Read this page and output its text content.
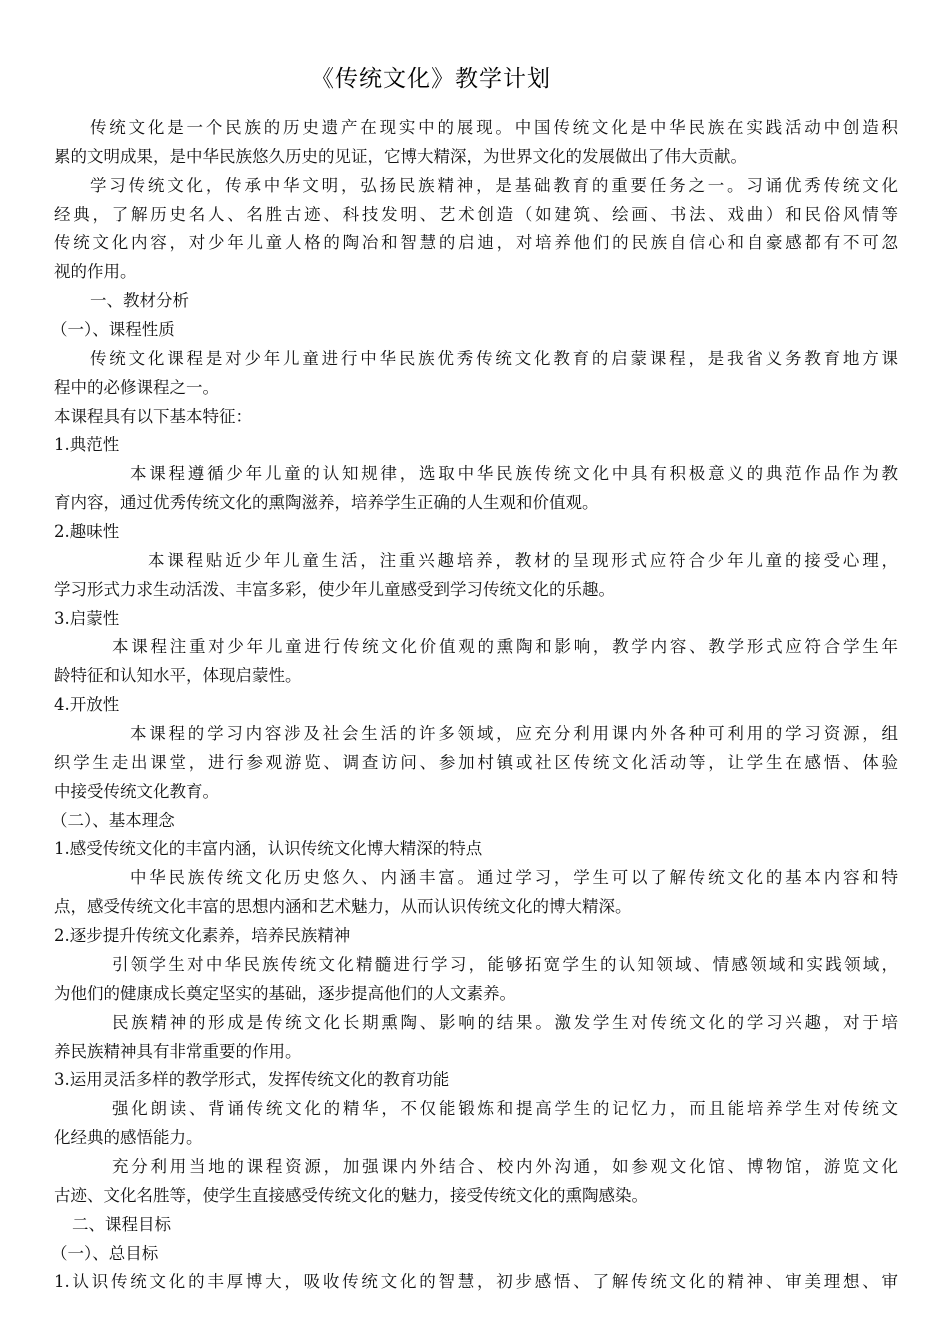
《传统文化》教学计划
传统文化是一个民族的历史遗产在现实中的展现。中国传统文化是中华民族在实践活动中创造积
累的文明成果，是中华民族悠久历史的见证，它博大精深，为世界文化的发展做出了伟大贡献。
学习传统文化，传承中华文明，弘扬民族精神，是基础教育的重要任务之一。习诵优秀传统文化
经典，了解历史名人、名胜古迹、科技发明、艺术创造（如建筑、绘画、书法、戏曲）和民俗风情等
传统文化内容，对少年儿童人格的陶冶和智慧的启迪，对培养他们的民族自信心和自豪感都有不可忽
视的作用。
一、教材分析
（一）、课程性质
传统文化课程是对少年儿童进行中华民族优秀传统文化教育的启蒙课程，是我省义务教育地方课
程中的必修课程之一。
本课程具有以下基本特征：
1.典范性
本课程遵循少年儿童的认知规律，选取中华民族传统文化中具有积极意义的典范作品作为教
育内容，通过优秀传统文化的熏陶滋养，培养学生正确的人生观和价值观。
2.趣味性
本课程贴近少年儿童生活，注重兴趣培养，教材的呈现形式应符合少年儿童的接受心理，
学习形式力求生动活泼、丰富多彩，使少年儿童感受到学习传统文化的乐趣。
3.启蒙性
本课程注重对少年儿童进行传统文化价值观的熏陶和影响，教学内容、教学形式应符合学生年
龄特征和认知水平，体现启蒙性。
4.开放性
本课程的学习内容涉及社会生活的许多领域，应充分利用课内外各种可利用的学习资源，组
织学生走出课堂，进行参观游览、调查访问、参加村镇或社区传统文化活动等，让学生在感悟、体验
中接受传统文化教育。
（二）、基本理念
1.感受传统文化的丰富内涵，认识传统文化博大精深的特点
中华民族传统文化历史悠久、内涵丰富。通过学习，学生可以了解传统文化的基本内容和特
点，感受传统文化丰富的思想内涵和艺术魅力，从而认识传统文化的博大精深。
2.逐步提升传统文化素养，培养民族精神
引领学生对中华民族传统文化精髓进行学习，能够拓宽学生的认知领域、情感领域和实践领域，
为他们的健康成长奠定坚实的基础，逐步提高他们的人文素养。
民族精神的形成是传统文化长期熏陶、影响的结果。激发学生对传统文化的学习兴趣，对于培
养民族精神具有非常重要的作用。
3.运用灵活多样的教学形式，发挥传统文化的教育功能
强化朗读、背诵传统文化的精华，不仅能锻炼和提高学生的记忆力，而且能培养学生对传统文
化经典的感悟能力。
充分利用当地的课程资源，加强课内外结合、校内外沟通，如参观文化馆、博物馆，游览文化
古迹、文化名胜等，使学生直接感受传统文化的魅力，接受传统文化的熏陶感染。
二、课程目标
（一）、总目标
1.认识传统文化的丰厚博大，吸收传统文化的智慧，初步感悟、了解传统文化的精神、审美理想、审
